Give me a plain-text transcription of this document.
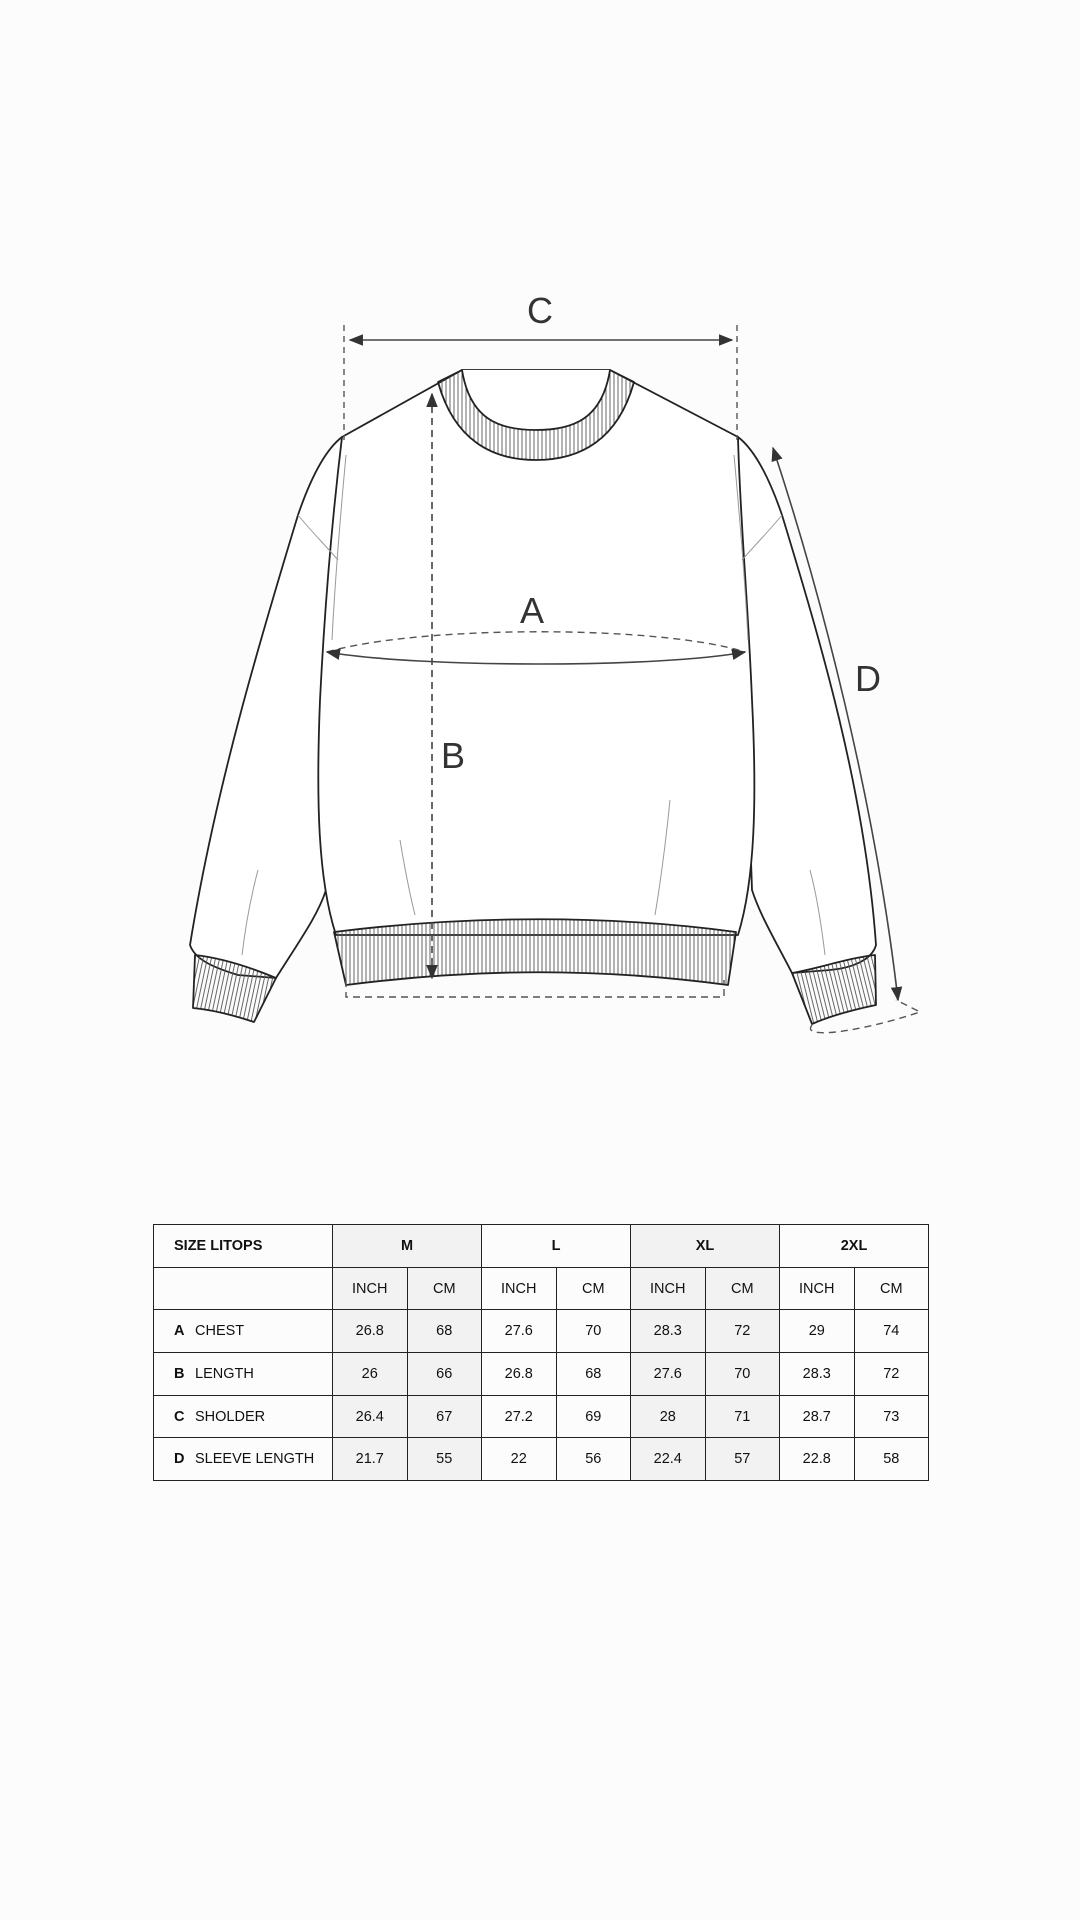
C
A
B
D
SIZE LITOPS	M		L		XL		2XL	
	INCH	CM	INCH	CM	INCH	CM	INCH	CM
A CHEST	26.8	68	27.6	70	28.3	72	29	74
B LENGTH	26	66	26.8	68	27.6	70	28.3	72
C SHOLDER	26.4	67	27.2	69	28	71	28.7	73
D SLEEVE LENGTH	21.7	55	22	56	22.4	57	22.8	58
